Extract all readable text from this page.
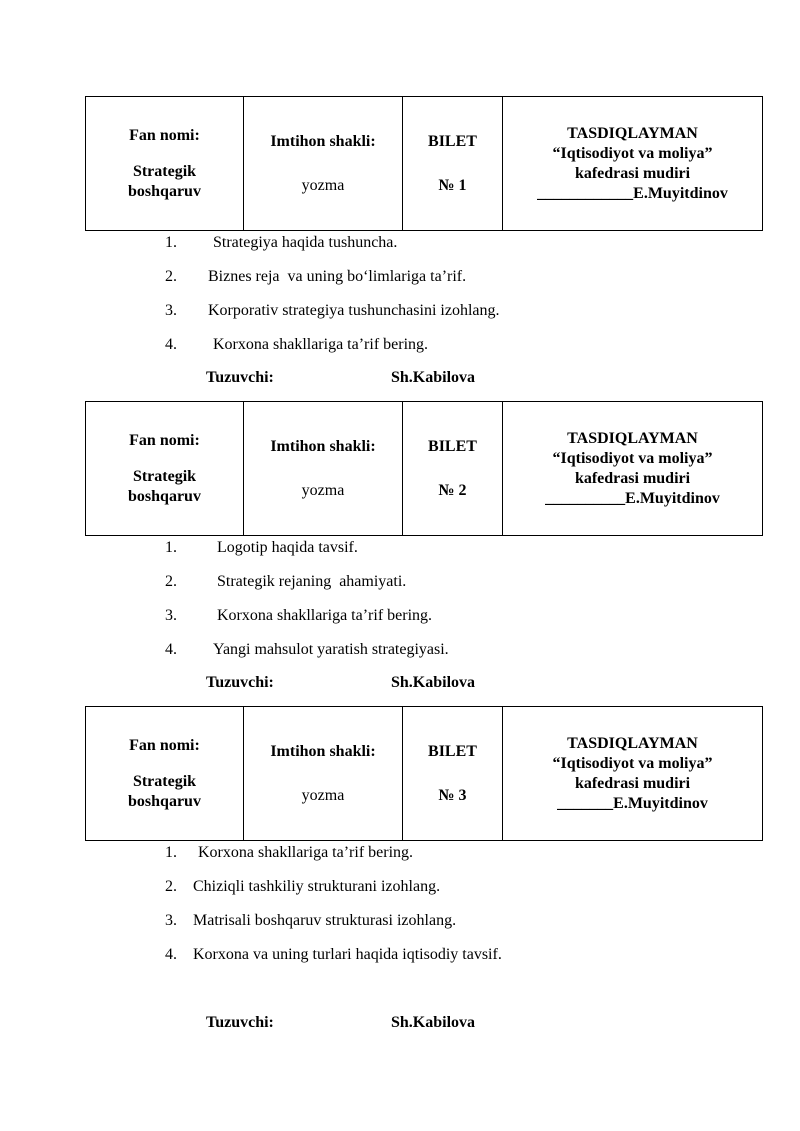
Fan nomi:
Strategik
boshqaruv

Imtihon shakli:
yozma

BILET
№ 1

TASDIQLAYMAN
“Iqtisodiyot va moliya”
kafedrasi mudiri
____________E.Muyitdinov
1. Strategiya haqida tushuncha.
2. Biznes reja  va uning bo‘limlariga ta’rif.
3. Korporativ strategiya tushunchasini izohlang.
4. Korxona shakllariga ta’rif bering.
Tuzuvchi:	Sh.Kabilova
Fan nomi:
Strategik
boshqaruv

Imtihon shakli:
yozma

BILET
№ 2

TASDIQLAYMAN
“Iqtisodiyot va moliya”
kafedrasi mudiri
__________E.Muyitdinov
1.	Logotip haqida tavsif.
2.	Strategik rejaning  ahamiyati.
3.	Korxona shakllariga ta’rif bering.
4. Yangi mahsulot yaratish strategiyasi.
Tuzuvchi:	Sh.Kabilova
Fan nomi:
Strategik
boshqaruv

Imtihon shakli:
yozma

BILET
№ 3

TASDIQLAYMAN
“Iqtisodiyot va moliya”
kafedrasi mudiri
_______E.Muyitdinov
1. Korxona shakllariga ta’rif bering.
2. Chiziqli tashkiliy strukturani izohlang.
3. Matrisali boshqaruv strukturasi izohlang.
4. Korxona va uning turlari haqida iqtisodiy tavsif.
Tuzuvchi:	Sh.Kabilova
